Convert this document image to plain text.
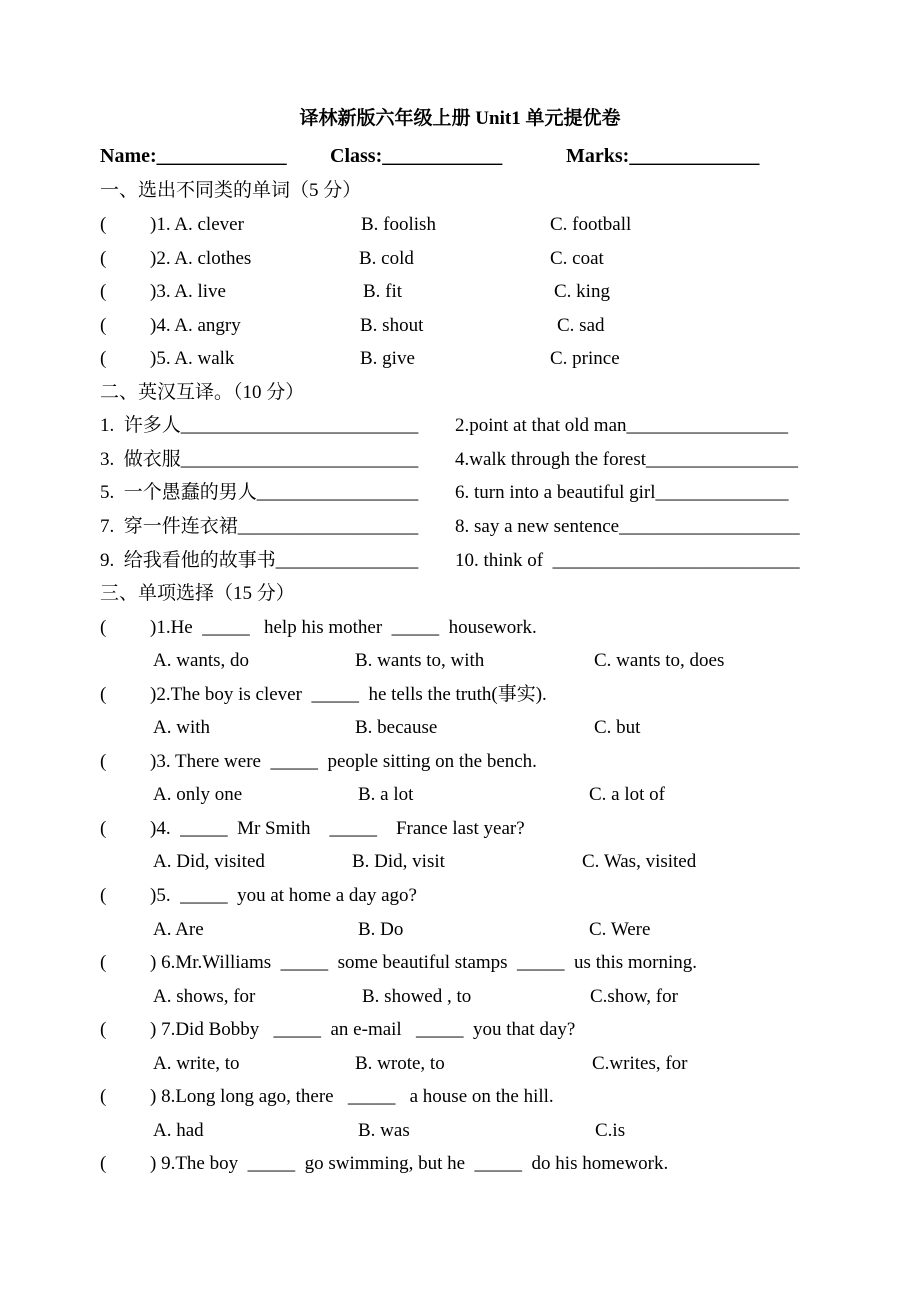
译林新版六年级上册 Unit1 单元提优卷
Name:_____________ Class:____________	Marks:_____________
一、选出不同类的单词（5 分）
( )1. A. clever	B. foolish	C. football
( )2. A. clothes	B. cold	C. coat
( )3. A. live	B. fit	C. king
( )4. A. angry	B. shout	C. sad
( )5. A. walk	B. give	C. prince
二、英汉互译。（10 分）
1.  许多人_________________________ 2.point at that old man_________________
3.  做衣服_________________________ 4.walk through the forest________________
5.  一个愚蠢的男人_________________ 6. turn into a beautiful girl______________
7.  穿一件连衣裙___________________ 8. say a new sentence___________________
9.  给我看他的故事书_______________ 10. think of  __________________________
三、单项选择（15 分）
( )1.He  _____   help his mother  _____  housework.
A. wants, do	B. wants to, with	C. wants to, does
( )2.The boy is clever  _____  he tells the truth(事实).
A. with	B. because	C. but
( )3. There were  _____  people sitting on the bench.
A. only one	B. a lot	C. a lot of
( )4.  _____  Mr Smith    _____    France last year?
A. Did, visited	B. Did, visit	C. Was, visited
( )5.  _____  you at home a day ago?
A. Are	B. Do	C. Were
( ) 6.Mr.Williams  _____  some beautiful stamps  _____  us this morning.
A. shows, for	B. showed , to	C.show, for
( ) 7.Did Bobby   _____  an e-mail   _____  you that day?
A. write, to	B. wrote, to	C.writes, for
( ) 8.Long long ago, there   _____   a house on the hill.
A. had	B. was	C.is
( ) 9.The boy  _____  go swimming, but he  _____  do his homework.
